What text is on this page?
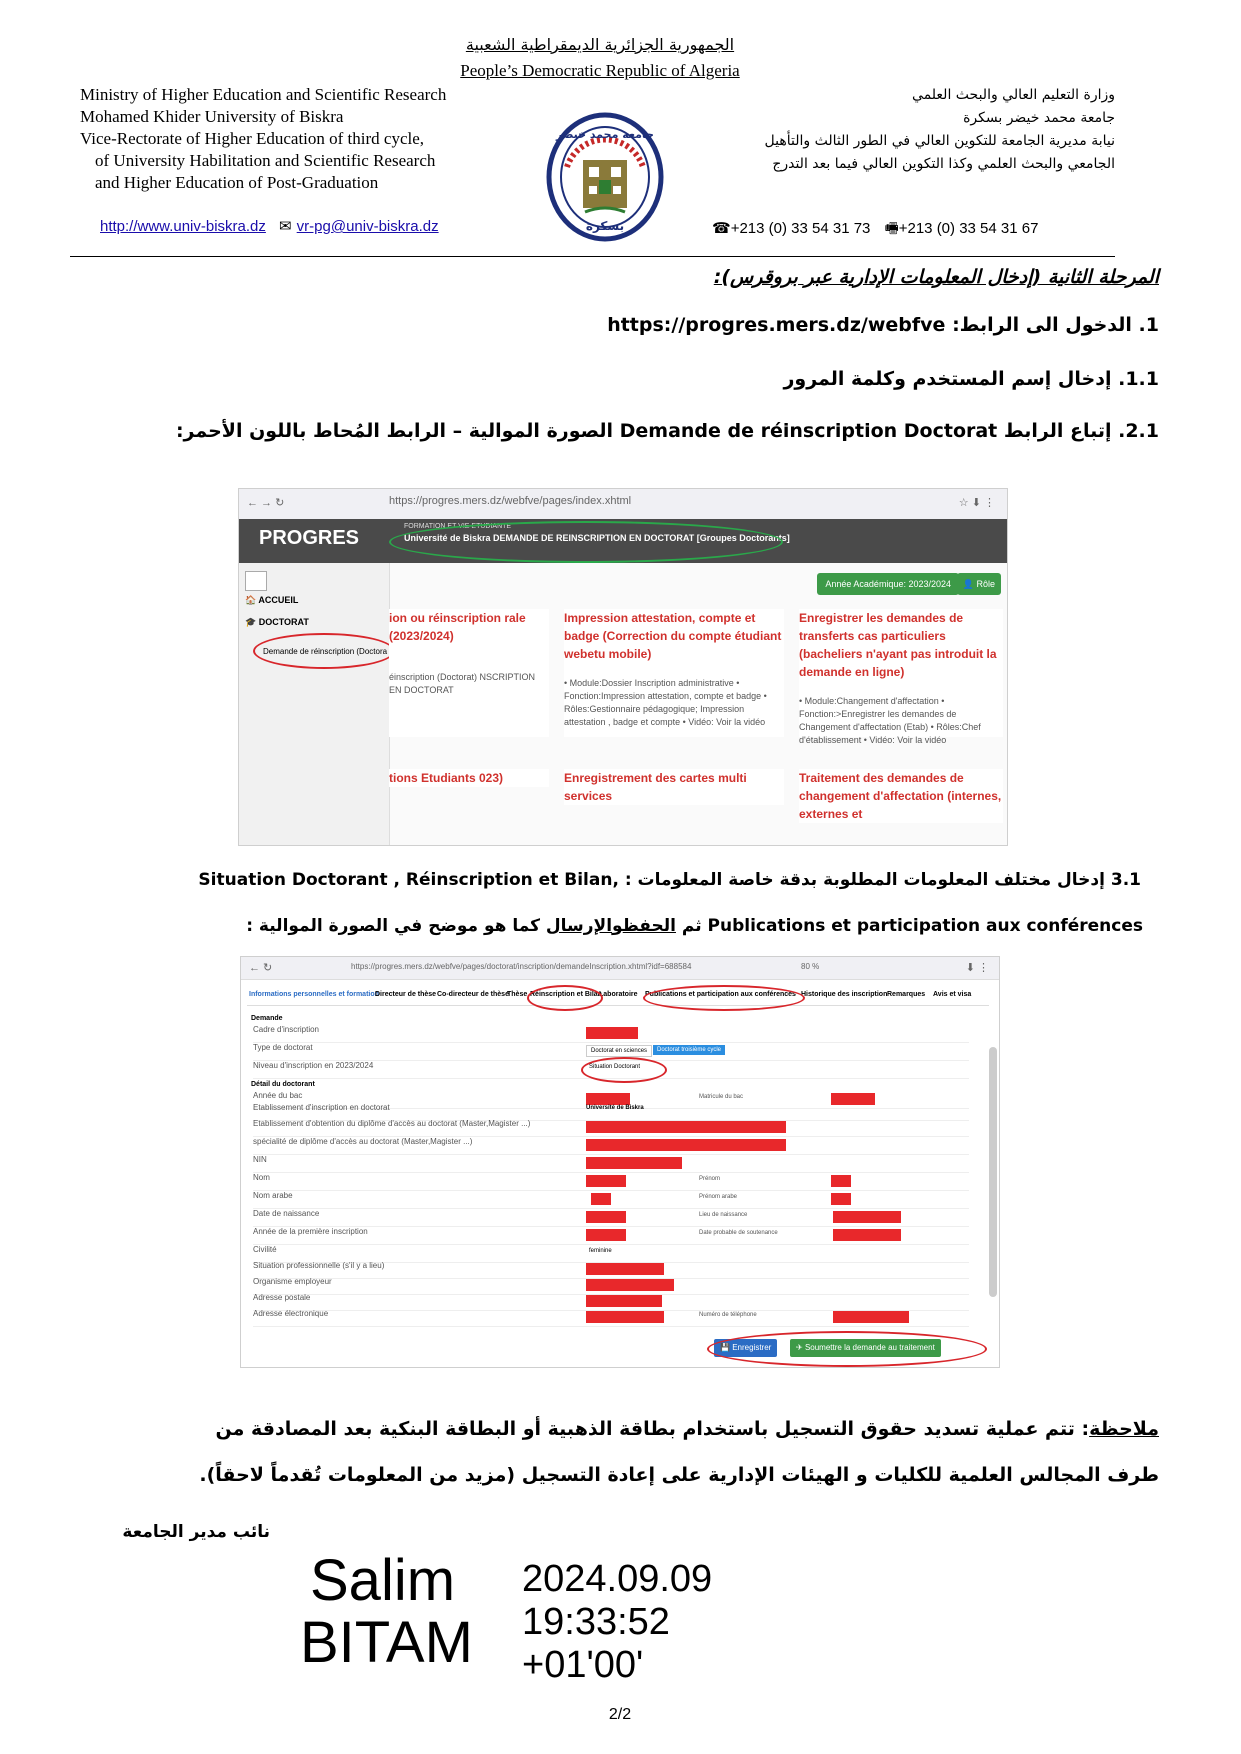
الجمهورية الجزائرية الديمقراطية الشعبية
People’s Democratic Republic of Algeria
Ministry of Higher Education and Scientific Research
Mohamed Khider University of Biskra
Vice-Rectorate of Higher Education of third cycle,
of University Habilitation and Scientific Research
and Higher Education of Post-Graduation
http://www.univ-biskra.dz ✉ vr-pg@univ-biskra.dz
جامعة محمد خيضر
بسكرة
وزارة التعليم العالي والبحث العلمي
جامعة محمد خيضر بسكرة
نيابة مديرية الجامعة للتكوين العالي في الطور الثالث والتأهيل
الجامعي والبحث العلمي وكذا التكوين العالي فيما بعد التدرج
☎+213 (0) 33 54 31 73 🖷+213 (0) 33 54 31 67
المرحلة الثانية (إدخال المعلومات الإدارية عبر بروقرس):
1. الدخول الى الرابط: https://progres.mers.dz/webfve
1.1. إدخال إسم المستخدم وكلمة المرور
2.1. إتباع الرابط Demande de réinscription Doctorat الصورة الموالية – الرابط المُحاط باللون الأحمر:
← → ↻	https://progres.mers.dz/webfve/pages/index.xhtml	☆ ⬇ ⋮
PROGRES
FORMATION ET VIE ETUDIANTE
Université de Biskra DEMANDE DE REINSCRIPTION EN DOCTORAT [Groupes Doctorants]
🏠 ACCUEIL
🎓 DOCTORAT
Demande de réinscription (Doctora
👤 Rôle
Année Académique: 2023/2024
ion ou réinscription rale (2023/2024)
éinscription (Doctorat) NSCRIPTION EN DOCTORAT
Impression attestation, compte et badge (Correction du compte étudiant webetu mobile)
• Module:Dossier Inscription administrative • Fonction:Impression attestation, compte et badge • Rôles:Gestionnaire pédagogique; Impression attestation , badge et compte • Vidéo: Voir la vidéo
Enregistrer les demandes de transferts cas particuliers (bacheliers n'ayant pas introduit la demande en ligne)
• Module:Changement d'affectation • Fonction:>Enregistrer les demandes de Changement d'affectation (Etab) • Rôles:Chef d'établissement • Vidéo: Voir la vidéo
tions Etudiants 023)	Enregistrement des cartes multi services
Traitement des demandes de changement d'affectation (internes, externes et
3.1 إدخال مختلف المعلومات المطلوبة بدقة خاصة المعلومات : Situation Doctorant , Réinscription et Bilan,
Publications et participation aux conférences ثم الحفظوالإرسال كما هو موضح في الصورة الموالية :
← ↻	https://progres.mers.dz/webfve/pages/doctorat/inscription/demandeInscription.xhtml?idf=688584	80 %	⬇ ⋮
Informations personnelles et formation
Directeur de thèse Co-directeur de thèse
Thèse Réinscription et Bilan
Laboratoire Publications et participation aux conférences Historique des inscription Remarques Avis et visa
Demande
Cadre d'inscription
Type de doctorat	Doctorat en sciences	Doctorat troisième cycle
Niveau d'inscription en 2023/2024	Situation Doctorant
Détail du doctorant
Année du bac	Matricule du bac
Etablissement d'inscription en doctorat	Université de Biskra
Etablissement d'obtention du diplôme d'accès au doctorat (Master,Magister ...)
spécialité de diplôme d'accès au doctorat (Master,Magister ...)
NIN
Nom	Prénom
Nom arabe	Prénom arabe
Date de naissance	Lieu de naissance
Année de la première inscription	Date probable de soutenance
Civilité	feminine
Situation professionnelle (s'il y a lieu)
Organisme employeur
Adresse postale
Adresse électronique	Numéro de téléphone
💾 Enregistrer	✈ Soumettre la demande au traitement
ملاحظة: تتم عملية تسديد حقوق التسجيل باستخدام بطاقة الذهبية أو البطاقة البنكية بعد المصادقة من
طرف المجالس العلمية للكليات و الهيئات الإدارية على إعادة التسجيل (مزيد من المعلومات تُقدماً لاحقاً).
نائب مدير الجامعة
Salim
BITAM
2024.09.09
19:33:52
+01'00'
2/2
